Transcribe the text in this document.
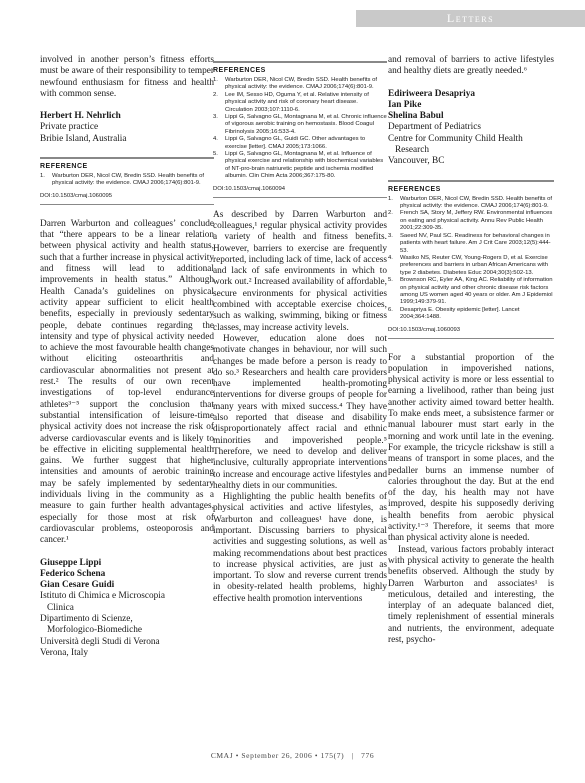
Letters

involved in another person’s fitness efforts must be aware of their responsibility to temper newfound enthusiasm for fitness and health with common sense.

Herbert H. Nehrlich
Private practice
Bribie Island, Australia
REFERENCE
1. Warburton DER, Nicol CW, Bredin SSD. Health benefits of physical activity: the evidence. CMAJ 2006;174(6):801-9.
DOI:10.1503/cmaj.1060095

Darren Warburton and colleagues’ conclude that “there appears to be a linear relation between physical activity and health status, such that a further increase in physical activity and fitness will lead to additional improvements in health status.” Although Health Canada’s guidelines on physical activity appear sufficient to elicit health benefits, especially in previously sedentary people, debate continues regarding the intensity and type of physical activity needed to achieve the most favourable health changes without eliciting osteoarthritis and cardiovascular abnormalities not present at rest.² The results of our own recent investigations of top-level endurance athletes³⁻⁵ support the conclusion that substantial intensification of leisure-time physical activity does not increase the risk of adverse cardiovascular events and is likely to be effective in eliciting supplemental health gains. We further suggest that higher intensities and amounts of aerobic training may be safely implemented by sedentary individuals living in the community as a measure to gain further health advantages, especially for those most at risk of cardiovascular problems, osteoporosis and cancer.¹

Giuseppe Lippi
Federico Schena
Gian Cesare Guidi
Istituto di Chimica e Microscopia
Clinica
Dipartimento di Scienze,
Morfologico-Biomediche
Università degli Studi di Verona
Verona, Italy
REFERENCES
1. Warburton DER, Nicol CW, Bredin SSD. Health benefits of physical activity: the evidence. CMAJ 2006;174(6):801-9.
2. Lee IM, Sesso HD, Oguma Y, et al. Relative intensity of physical activity and risk of coronary heart disease. Circulation 2003;107:1110-6.
3. Lippi G, Salvagno GL, Montagnana M, et al. Chronic influence of vigorous aerobic training on hemostasis. Blood Coagul Fibrinolysis 2005;16:533-4.
4. Lippi G, Salvagno GL, Guidi GC. Other advantages to exercise [letter]. CMAJ 2005;173:1066.
5. Lippi G, Salvagno GL, Montagnana M, et al. Influence of physical exercise and relationship with biochemical variables of NT-pro-brain natriuretic peptide and ischemia modified albumin. Clin Chim Acta 2006;367:175-80.
DOI:10.1503/cmaj.1060094

As described by Darren Warburton and colleagues,¹ regular physical activity provides a variety of health and fitness benefits. However, barriers to exercise are frequently reported, including lack of time, lack of access and lack of safe environments in which to work out.² Increased availability of affordable, secure environments for physical activities combined with acceptable exercise choices, such as walking, swimming, biking or fitness classes, may increase activity levels.

However, education alone does not motivate changes in behaviour, nor will such changes be made before a person is ready to do so.³ Researchers and health care providers have implemented health-promoting interventions for diverse groups of people for many years with mixed success.⁴ They have also reported that disease and disability disproportionately affect racial and ethnic minorities and impoverished people.⁵ Therefore, we need to develop and deliver inclusive, culturally appropriate interventions to increase and encourage active lifestyles and healthy diets in our communities.

Highlighting the public health benefits of physical activities and active lifestyles, as Warburton and colleagues¹ have done, is important. Discussing barriers to physical activities and suggesting solutions, as well as making recommendations about best practices to increase physical activities, are just as important. To slow and reverse current trends in obesity-related health problems, highly effective health promotion interventions

and removal of barriers to active lifestyles and healthy diets are greatly needed.⁶

Ediriweera Desapriya
Ian Pike
Shelina Babul
Department of Pediatrics
Centre for Community Child Health
Research
Vancouver, BC
REFERENCES
1. Warburton DER, Nicol CW, Bredin SSD. Health benefits of physical activity: the evidence. CMAJ 2006;174(6):801-9.
2. French SA, Story M, Jeffery RW. Environmental influences on eating and physical activity. Annu Rev Public Health 2001;22:309-35.
3. Saeed NV, Paul SC. Readiness for behavioral changes in patients with heart failure. Am J Crit Care 2003;12(5):444-53.
4. Wasiko NS, Reuter CW, Young-Rogers D, et al. Exercise preferences and barriers in urban African Americans with type 2 diabetes. Diabetes Educ 2004;30(3):502-13.
5. Brownson RC, Eyler AA, King AC. Reliability of information on physical activity and other chronic disease risk factors among US women aged 40 years or older. Am J Epidemiol 1999;149:379-91.
6. Desapriya E. Obesity epidemic [letter]. Lancet 2004;364:1488.
DOI:10.1503/cmaj.1060093

For a substantial proportion of the population in impoverished nations, physical activity is more or less essential to earning a livelihood, rather than being just another activity aimed toward better health. To make ends meet, a subsistence farmer or manual labourer must start early in the morning and work until late in the evening. For example, the tricycle rickshaw is still a means of transport in some places, and the pedaller burns an immense number of calories throughout the day. But at the end of the day, his health may not have improved, despite his supposedly deriving health benefits from aerobic physical activity.¹⁻³ Therefore, it seems that more than physical activity alone is needed.

Instead, various factors probably interact with physical activity to generate the health benefits observed. Although the study by Darren Warburton and associates¹ is meticulous, detailed and interesting, the interplay of an adequate balanced diet, timely replenishment of essential minerals and nutrients, the environment, adequate rest, psycho-

CMAJ • September 26, 2006 • 175(7)   |   776
